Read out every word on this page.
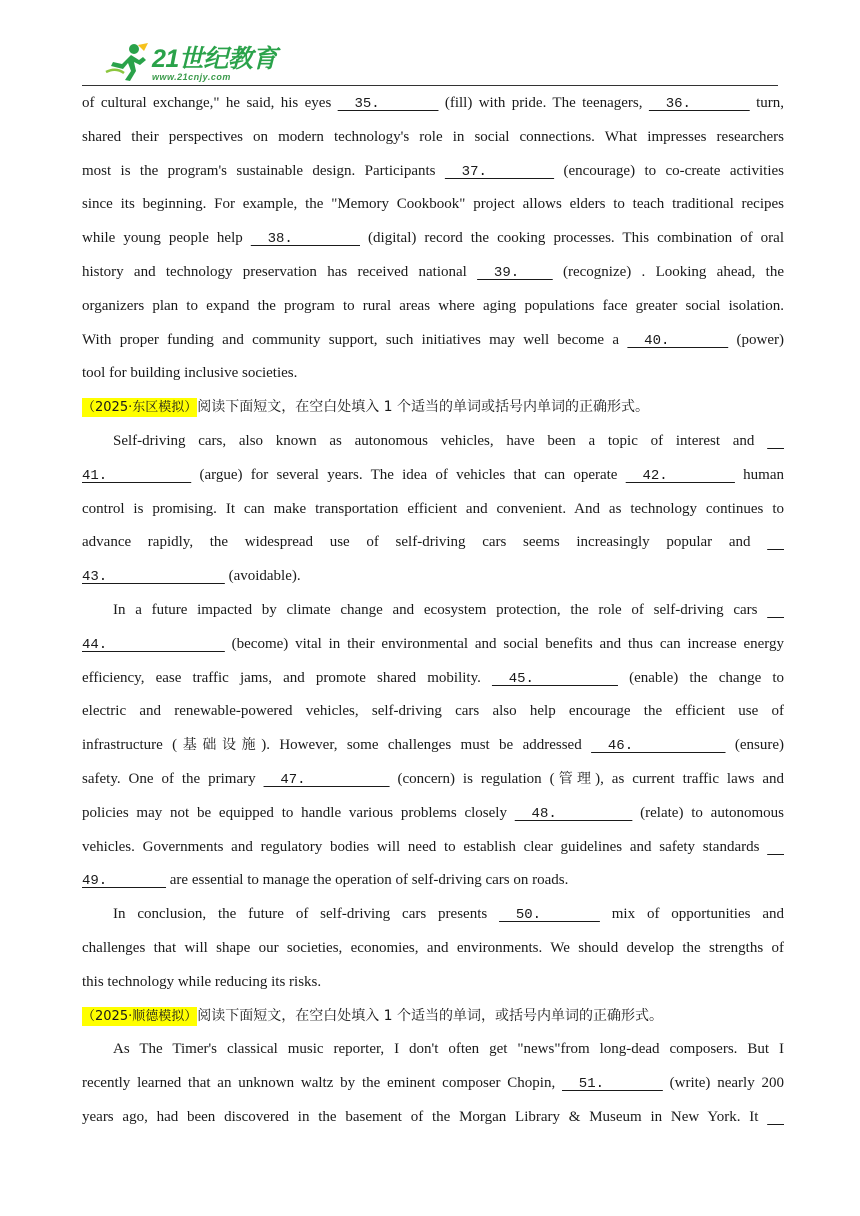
21世纪教育
www.21cnjy.com
of cultural exchange," he said, his eyes   35.        (fill) with pride. The teenagers,   36.        turn,
shared their perspectives on modern technology's role in social connections. What impresses researchers
most is the program's sustainable design. Participants   37.         (encourage) to co-create activities
since its beginning. For example, the "Memory Cookbook" project allows elders to teach traditional recipes
while young people help   38.         (digital) record the cooking processes. This combination of oral
history and technology preservation has received national   39.     (recognize) . Looking ahead, the
organizers plan to expand the program to rural areas where aging populations face greater social isolation.
With proper funding and community support, such initiatives may well become a   40.        (power)
tool for building inclusive societies.
（2025·东区模拟）阅读下面短文，在空白处填入 1 个适当的单词或括号内单词的正确形式。
Self-driving cars, also known as autonomous vehicles, have been a topic of interest and
41.           (argue) for several years. The idea of vehicles that can operate   42.         human
control is promising. It can make transportation efficient and convenient. And as technology continues to
advance rapidly, the widespread use of self-driving cars seems increasingly popular and
43.               (avoidable).
In a future impacted by climate change and ecosystem protection, the role of self-driving cars
44.               (become) vital in their environmental and social benefits and thus can increase energy
efficiency, ease traffic jams, and promote shared mobility.   45.           (enable) the change to
electric and renewable-powered vehicles, self-driving cars also help encourage the efficient use of
infrastructure (基础设施). However, some challenges must be addressed   46.            (ensure)
safety. One of the primary   47.           (concern) is regulation (管理), as current traffic laws and
policies may not be equipped to handle various problems closely   48.          (relate) to autonomous
vehicles. Governments and regulatory bodies will need to establish clear guidelines and safety standards
49.        are essential to manage the operation of self-driving cars on roads.
In conclusion, the future of self-driving cars presents   50.        mix of opportunities and
challenges that will shape our societies, economies, and environments. We should develop the strengths of
this technology while reducing its risks.
（2025·顺德模拟）阅读下面短文，在空白处填入 1 个适当的单词，或括号内单词的正确形式。
As The Timer's classical music reporter, I don't often get "news"from long-dead composers. But I
recently learned that an unknown waltz by the eminent composer Chopin,   51.        (write) nearly 200
years ago, had been discovered in the basement of the Morgan Library & Museum in New York. It
